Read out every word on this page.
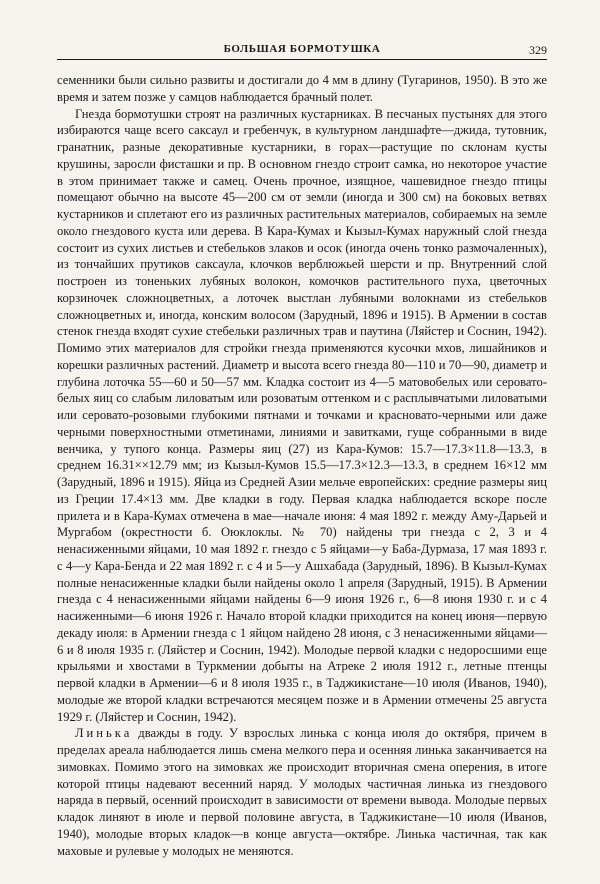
БОЛЬШАЯ БОРМОТУШКА	329

семенники были сильно развиты и достигали до 4 мм в длину (Тугаринов, 1950). В это же время и затем позже у самцов наблюдается брачный полет.

Гнезда бормотушки строят на различных кустарниках. В песчаных пустынях для этого избираются чаще всего саксаул и гребенчук, в культурном ландшафте—джида, тутовник, гранатник, разные декоративные кустарники, в горах—растущие по склонам кусты крушины, заросли фисташки и пр. В основном гнездо строит самка, но некоторое участие в этом принимает также и самец. Очень прочное, изящное, чашевидное гнездо птицы помещают обычно на высоте 45—200 см от земли (иногда и 300 см) на боковых ветвях кустарников и сплетают его из различных растительных материалов, собираемых на земле около гнездового куста или дерева. В Кара-Кумах и Кызыл-Кумах наружный слой гнезда состоит из сухих листьев и стебельков злаков и осок (иногда очень тонко размочаленных), из тончайших прутиков саксаула, клочков верблюжьей шерсти и пр. Внутренний слой построен из тоненьких лубяных волокон, комочков растительного пуха, цветочных корзиночек сложноцветных, а лоточек выстлан лубяными волокнами из стебельков сложноцветных и, иногда, конским волосом (Зарудный, 1896 и 1915). В Армении в состав стенок гнезда входят сухие стебельки различных трав и паутина (Ляйстер и Соснин, 1942). Помимо этих материалов для стройки гнезда применяются кусочки мхов, лишайников и корешки различных растений. Диаметр и высота всего гнезда 80—110 и 70—90, диаметр и глубина лоточка 55—60 и 50—57 мм. Кладка состоит из 4—5 матовобелых или серовато-белых яиц со слабым лиловатым или розоватым оттенком и с расплывчатыми лиловатыми или серовато-розовыми глубокими пятнами и точками и красновато-черными или даже черными поверхностными отметинами, линиями и завитками, гуще собранными в виде венчика, у тупого конца. Размеры яиц (27) из Кара-Кумов: 15.7—17.3×11.8—13.3, в среднем 16.31××12.79 мм; из Кызыл-Кумов 15.5—17.3×12.3—13.3, в среднем 16×12 мм (Зарудный, 1896 и 1915). Яйца из Средней Азии мельче европейских: средние размеры яиц из Греции 17.4×13 мм. Две кладки в году. Первая кладка наблюдается вскоре после прилета и в Кара-Кумах отмечена в мае—начале июня: 4 мая 1892 г. между Аму-Дарьей и Мургабом (окрестности б. Оюклоклы. № 70) найдены три гнезда с 2, 3 и 4 ненасиженными яйцами, 10 мая 1892 г. гнездо с 5 яйцами—у Баба-Дурмаза, 17 мая 1893 г. с 4—у Кара-Бенда и 22 мая 1892 г. с 4 и 5—у Ашхабада (Зарудный, 1896). В Кызыл-Кумах полные ненасиженные кладки были найдены около 1 апреля (Зарудный, 1915). В Армении гнезда с 4 ненасиженными яйцами найдены 6—9 июня 1926 г., 6—8 июня 1930 г. и с 4 насиженными—6 июня 1926 г. Начало второй кладки приходится на конец июня—первую декаду июля: в Армении гнезда с 1 яйцом найдено 28 июня, с 3 ненасиженными яйцами—6 и 8 июля 1935 г. (Ляйстер и Соснин, 1942). Молодые первой кладки с недоросшими еще крыльями и хвостами в Туркмении добыты на Атреке 2 июля 1912 г., летные птенцы первой кладки в Армении—6 и 8 июля 1935 г., в Таджикистане—10 июля (Иванов, 1940), молодые же второй кладки встречаются месяцем позже и в Армении отмечены 25 августа 1929 г. (Ляйстер и Соснин, 1942).

Линька дважды в году. У взрослых линька с конца июля до октября, причем в пределах ареала наблюдается лишь смена мелкого пера и осенняя линька заканчивается на зимовках. Помимо этого на зимовках же происходит вторичная смена оперения, в итоге которой птицы надевают весенний наряд. У молодых частичная линька из гнездового наряда в первый, осенний происходит в зависимости от времени вывода. Молодые первых кладок линяют в июле и первой половине августа, в Таджикистане—10 июля (Иванов, 1940), молодые вторых кладок—в конце августа—октябре. Линька частичная, так как маховые и рулевые у молодых не меняются.
